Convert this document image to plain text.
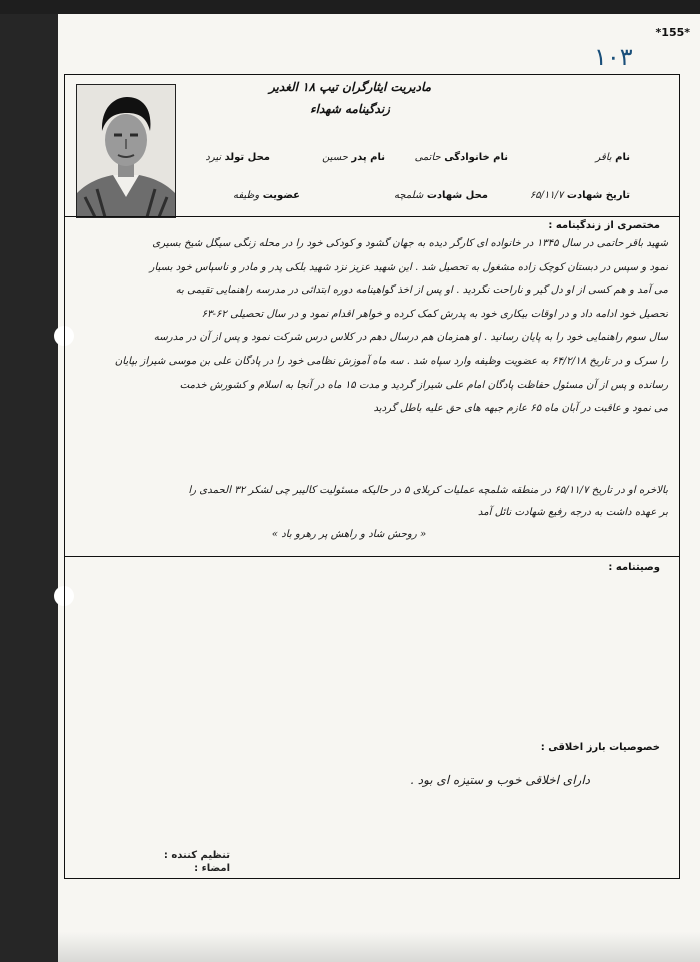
*155*
١٠٣
مادیریت ایثارگران تیپ ۱۸ الغدیر
زندگینامه شهداء
نام باقر
نام خانوادگی حاتمی
نام پدر حسین
محل تولد نیرد
تاریخ شهادت ۶۵/۱۱/۷
محل شهادت شلمچه
عضویت وظیفه
مختصری از زندگینامه :

شهید باقر حاتمی در سال ۱۳۴۵ در خانواده ای کارگر دیده به جهان گشود و کودکی خود را در محله زنگی سیگل شیخ بسیری

نمود و سپس در دبستان کوچک زاده مشغول به تحصیل شد . این شهید عزیز نزد شهید بلکی پدر و مادر و ناسپاس خود بسیار

می آمد و هم کسی از او دل گیر و ناراحت نگردید . او پس از اخذ گواهینامه دوره ابتدائی در مدرسه راهنمایی تقیمی به

تحصیل خود ادامه داد و در اوقات بیکاری خود به پدرش کمک کرده و خواهر اقدام نمود و در سال تحصیلی ۶۲-۶۳

سال سوم راهنمایی خود را به پایان رسانید . او همزمان هم درسال دهم در کلاس درس شرکت نمود و پس از آن در مدرسه

را سرک و در تاریخ ۶۴/۲/۱۸ به عضویت وظیفه وارد سپاه شد . سه ماه آموزش نظامی خود را در پادگان علی بن موسی شیراز بپایان

رسانده و پس از آن مسئول حفاظت پادگان امام علی شیراز گردید و مدت ۱۵ ماه در آنجا به اسلام و کشورش خدمت

می نمود و عاقبت در آبان ماه ۶۵ عازم جبهه های حق علیه باطل گردید

بالاخره او در تاریخ ۶۵/۱۱/۷ در منطقه شلمچه عملیات کربلای ۵ در حالیکه مسئولیت کالیبر چی لشکر ۳۲ الحمدی را

بر عهده داشت به درجه رفیع شهادت نائل آمد

« روحش شاد و راهش پر رهرو باد »

وصیتنامه :
خصوصیات بارز اخلاقی :
دارای اخلاقی خوب و ستیزه ای بود .
تنظیم کننده :
امضاء :
